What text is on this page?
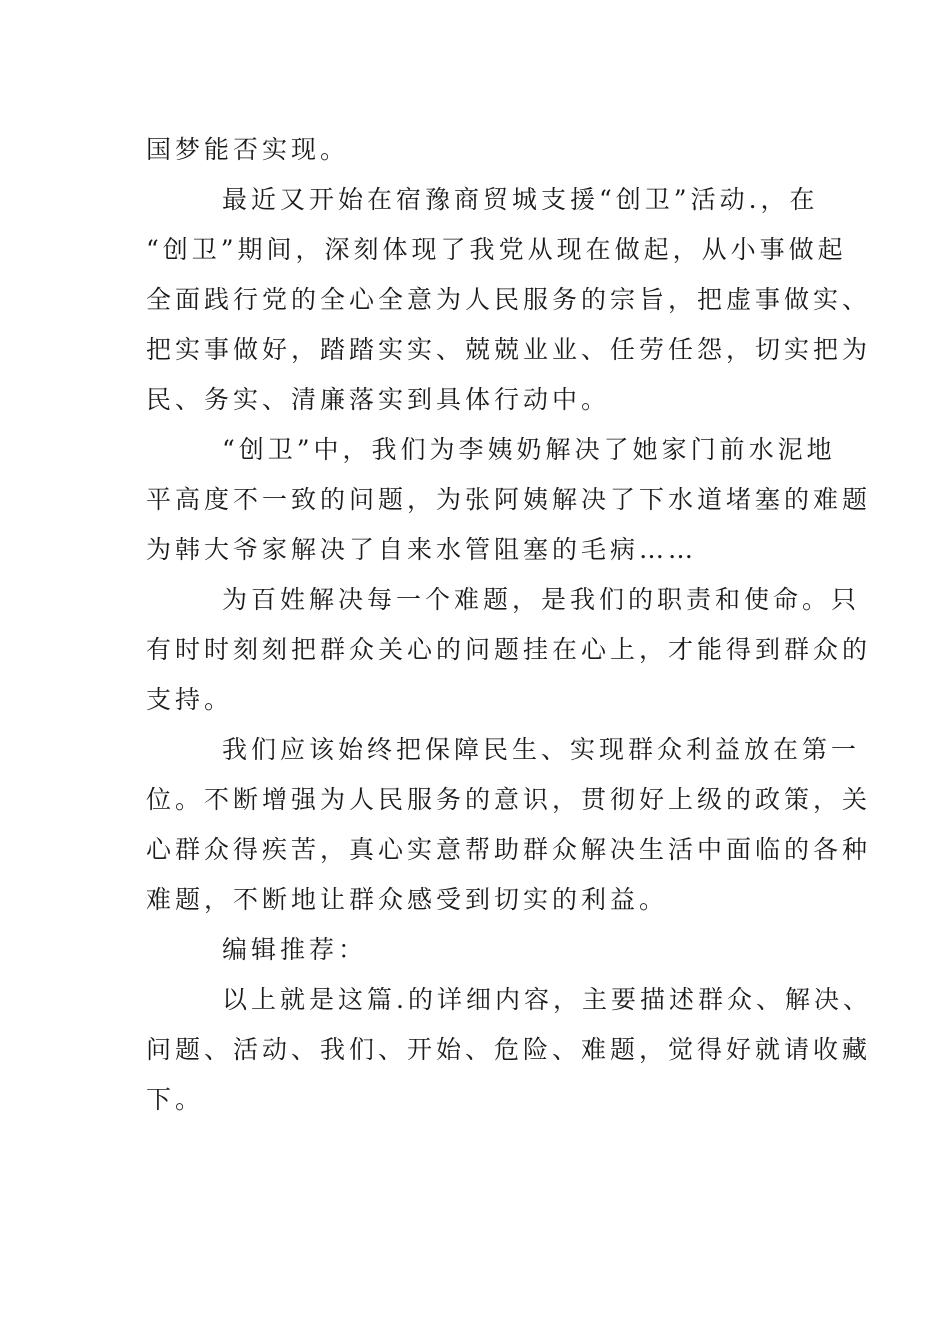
国梦能否实现。
最近又开始在宿豫商贸城支援“创卫”活动.，在
“创卫”期间，深刻体现了我党从现在做起，从小事做起
全面践行党的全心全意为人民服务的宗旨，把虚事做实、
把实事做好，踏踏实实、兢兢业业、任劳任怨，切实把为
民、务实、清廉落实到具体行动中。
“创卫”中，我们为李姨奶解决了她家门前水泥地
平高度不一致的问题，为张阿姨解决了下水道堵塞的难题
为韩大爷家解决了自来水管阻塞的毛病……
为百姓解决每一个难题，是我们的职责和使命。只
有时时刻刻把群众关心的问题挂在心上，才能得到群众的
支持。
我们应该始终把保障民生、实现群众利益放在第一
位。不断增强为人民服务的意识，贯彻好上级的政策，关
心群众得疾苦，真心实意帮助群众解决生活中面临的各种
难题，不断地让群众感受到切实的利益。
编辑推荐：
以上就是这篇.的详细内容，主要描述群众、解决、
问题、活动、我们、开始、危险、难题，觉得好就请收藏
下。
